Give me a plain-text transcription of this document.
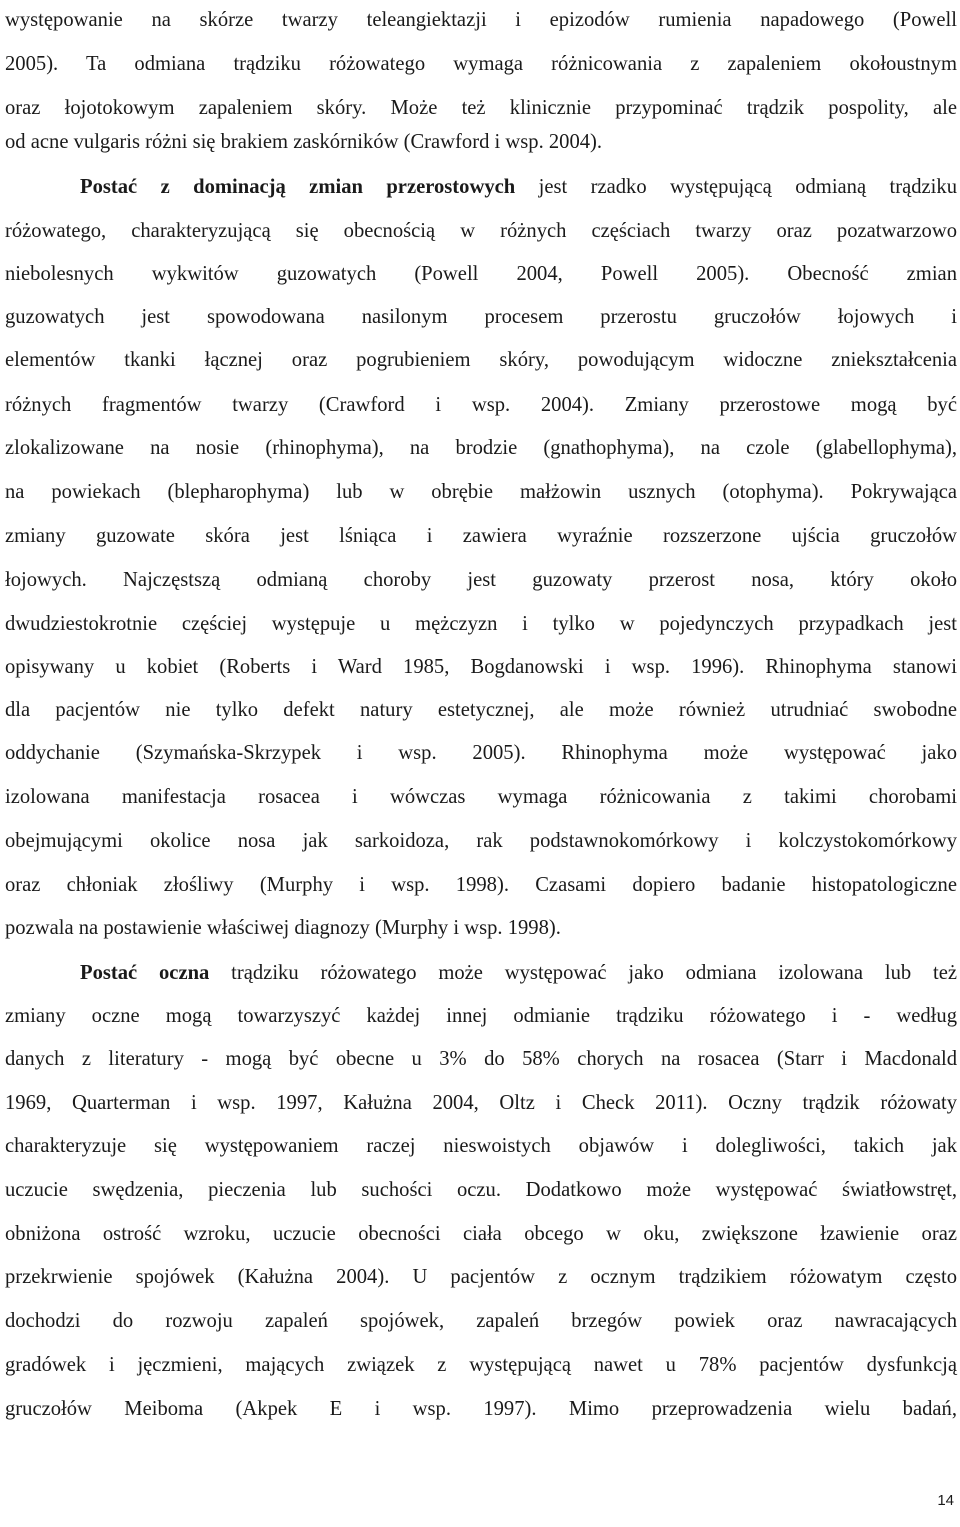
występowanie na skórze twarzy teleangiektazji i epizodów rumienia napadowego (Powell
2005). Ta odmiana trądziku różowatego wymaga różnicowania z zapaleniem okołoustnym
oraz łojotokowym zapaleniem skóry. Może też klinicznie przypominać trądzik pospolity, ale
od acne vulgaris różni się brakiem zaskórników (Crawford i wsp. 2004).
Postać z dominacją zmian przerostowych jest rzadko występującą odmianą trądziku
różowatego, charakteryzującą się obecnością w różnych częściach twarzy oraz pozatwarzowo
niebolesnych wykwitów guzowatych (Powell 2004, Powell 2005). Obecność zmian
guzowatych jest spowodowana nasilonym procesem przerostu gruczołów łojowych i
elementów tkanki łącznej oraz pogrubieniem skóry, powodującym widoczne zniekształcenia
różnych fragmentów twarzy (Crawford i wsp. 2004). Zmiany przerostowe mogą być
zlokalizowane na nosie (rhinophyma), na brodzie (gnathophyma), na czole (glabellophyma),
na powiekach (blepharophyma) lub w obrębie małżowin usznych (otophyma). Pokrywająca
zmiany guzowate skóra jest lśniąca i zawiera wyraźnie rozszerzone ujścia gruczołów
łojowych. Najczęstszą odmianą choroby jest guzowaty przerost nosa, który około
dwudziestokrotnie częściej występuje u mężczyzn i tylko w pojedynczych przypadkach jest
opisywany u kobiet (Roberts i Ward 1985, Bogdanowski i wsp. 1996). Rhinophyma stanowi
dla pacjentów nie tylko defekt natury estetycznej, ale może również utrudniać swobodne
oddychanie (Szymańska-Skrzypek i wsp. 2005). Rhinophyma może występować jako
izolowana manifestacja rosacea i wówczas wymaga różnicowania z takimi chorobami
obejmującymi okolice nosa jak sarkoidoza, rak podstawnokomórkowy i kolczystokomórkowy
oraz chłoniak złośliwy (Murphy i wsp. 1998). Czasami dopiero badanie histopatologiczne
pozwala na postawienie właściwej diagnozy (Murphy i wsp. 1998).
Postać oczna trądziku różowatego może występować jako odmiana izolowana lub też
zmiany oczne mogą towarzyszyć każdej innej odmianie trądziku różowatego i - według
danych z literatury - mogą być obecne u 3% do 58% chorych na rosacea (Starr i Macdonald
1969, Quarterman i wsp. 1997, Kałużna 2004, Oltz i Check 2011). Oczny trądzik różowaty
charakteryzuje się występowaniem raczej nieswoistych objawów i dolegliwości, takich jak
uczucie swędzenia, pieczenia lub suchości oczu. Dodatkowo może występować światłowstręt,
obniżona ostrość wzroku, uczucie obecności ciała obcego w oku, zwiększone łzawienie oraz
przekrwienie spojówek (Kałużna 2004). U pacjentów z ocznym trądzikiem różowatym często
dochodzi do rozwoju zapaleń spojówek, zapaleń brzegów powiek oraz nawracających
gradówek i jęczmieni, mających związek z występującą nawet u 78% pacjentów dysfunkcją
gruczołów Meiboma (Akpek E i wsp. 1997). Mimo przeprowadzenia wielu badań,
14
